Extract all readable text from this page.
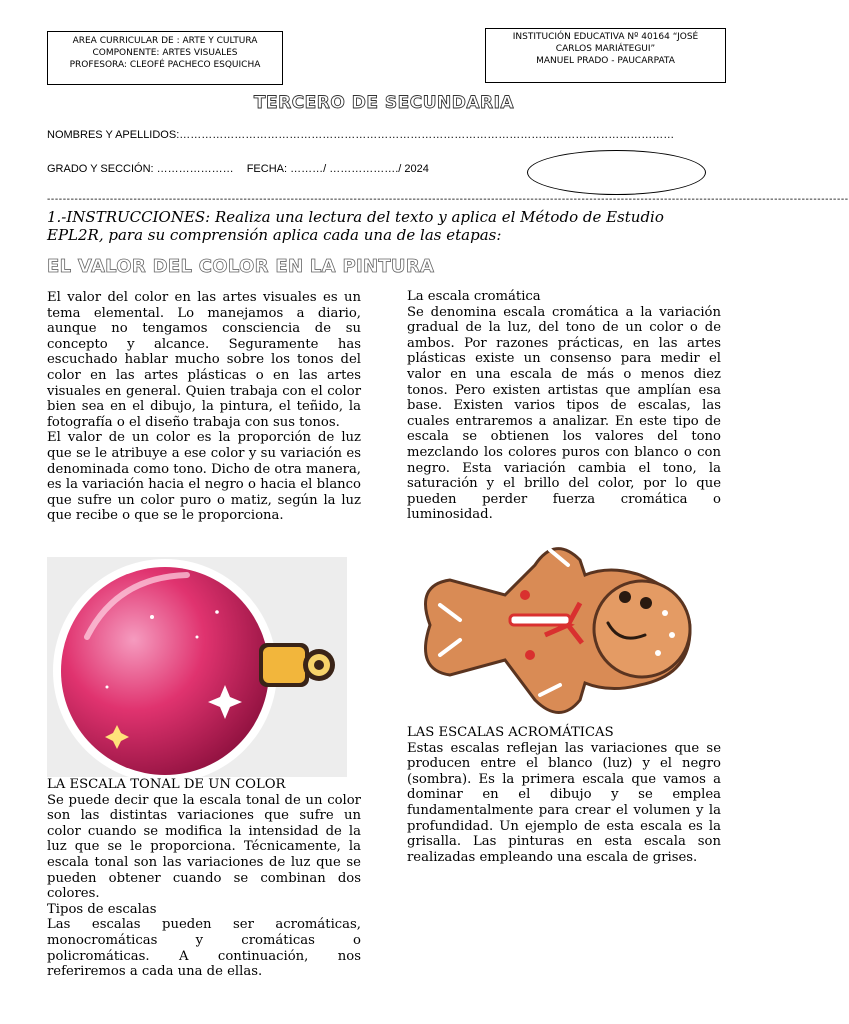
AREA CURRICULAR DE : ARTE Y CULTURA
COMPONENTE: ARTES VISUALES
PROFESORA: CLEOFÉ PACHECO ESQUICHA
INSTITUCIÓN EDUCATIVA Nº 40164 “JOSÉ
CARLOS MARIÁTEGUI”
MANUEL PRADO - PAUCARPATA
TERCERO DE SECUNDARIA
NOMBRES Y APELLIDOS:………………………………………………………………………………………………………………………
GRADO Y SECCIÓN: ………………… FECHA: ………/ ………………./ 2024
------------------------------------------------------------------------------------------------------------------------------------------------------------------------------------------------------------
1.-INSTRUCCIONES: Realiza una lectura del texto y aplica el Método de Estudio EPL2R, para su comprensión aplica cada una de las etapas:
EL VALOR DEL COLOR EN LA PINTURA

El valor del color en las artes visuales es un tema elemental. Lo manejamos a diario, aunque no tengamos consciencia de su concepto y alcance. Seguramente has escuchado hablar mucho sobre los tonos del color en las artes plásticas o en las artes visuales en general. Quien trabaja con el color bien sea en el dibujo, la pintura, el teñido, la fotografía o el diseño trabaja con sus tonos.

El valor de un color es la proporción de luz que se le atribuye a ese color y su variación es denominada como tono. Dicho de otra manera, es la variación hacia el negro o hacia el blanco que sufre un color puro o matiz, según la luz que recibe o que se le proporciona.

LA ESCALA TONAL DE UN COLOR

Se puede decir que la escala tonal de un color son las distintas variaciones que sufre un color cuando se modifica la intensidad de la luz que se le proporciona. Técnicamente, la escala tonal son las variaciones de luz que se pueden obtener cuando se combinan dos colores.

Tipos de escalas

Las escalas pueden ser acromáticas, monocromáticas y cromáticas o policromáticas. A continuación, nos referiremos a cada una de ellas.

La escala cromática

Se denomina escala cromática a la variación gradual de la luz, del tono de un color o de ambos. Por razones prácticas, en las artes plásticas existe un consenso para medir el valor en una escala de más o menos diez tonos. Pero existen artistas que amplían esa base. Existen varios tipos de escalas, las cuales entraremos a analizar. En este tipo de escala se obtienen los valores del tono mezclando los colores puros con blanco o con negro. Esta variación cambia el tono, la saturación y el brillo del color, por lo que pueden perder fuerza cromática o luminosidad.

LAS ESCALAS ACROMÁTICAS

Estas escalas reflejan las variaciones que se producen entre el blanco (luz) y el negro (sombra). Es la primera escala que vamos a dominar en el dibujo y se emplea fundamentalmente para crear el volumen y la profundidad. Un ejemplo de esta escala es la grisalla. Las pinturas en esta escala son realizadas empleando una escala de grises.
